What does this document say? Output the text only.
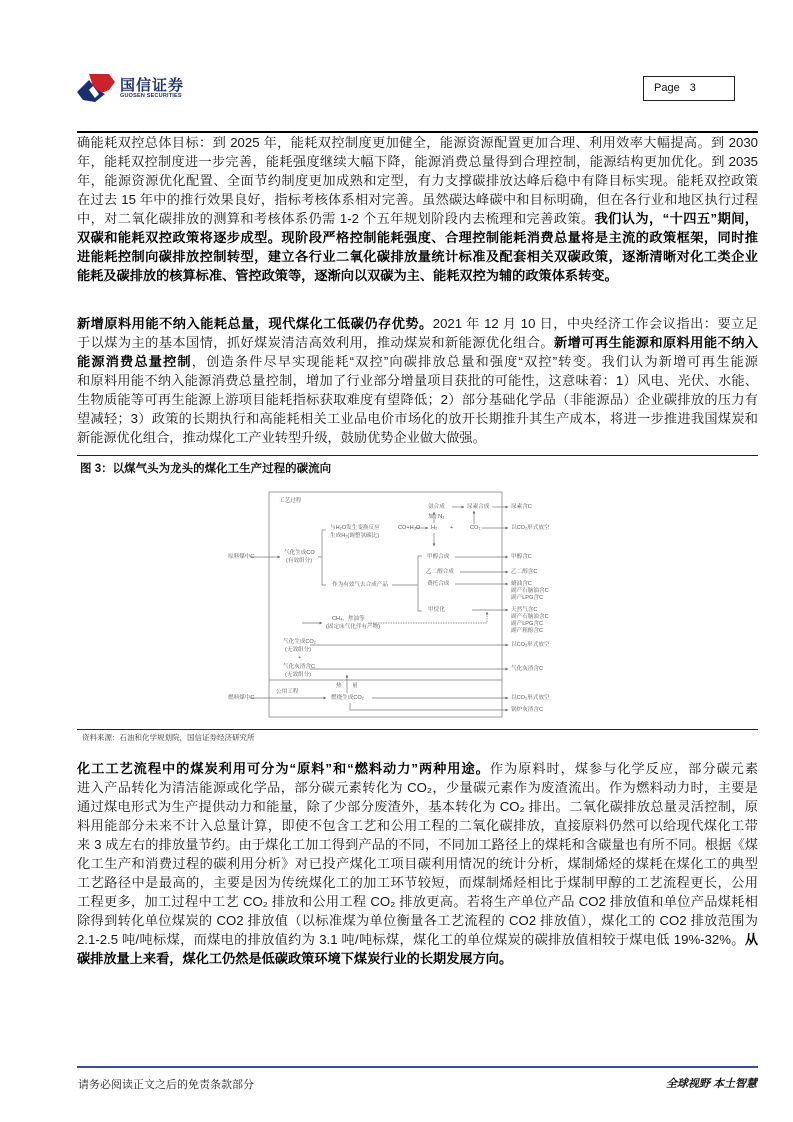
国信证券
GUOSEN SECURITIES
Page 3
确能耗双控总体目标：到 2025 年，能耗双控制度更加健全，能源资源配置更加合理、利用效率大幅提高。到 2030
年，能耗双控制度进一步完善，能耗强度继续大幅下降，能源消费总量得到合理控制，能源结构更加优化。到 2035
年，能源资源优化配置、全面节约制度更加成熟和定型，有力支撑碳排放达峰后稳中有降目标实现。能耗双控政策
在过去 15 年中的推行效果良好，指标考核体系相对完善。虽然碳达峰碳中和目标明确，但在各行业和地区执行过程
中，对二氧化碳排放的测算和考核体系仍需 1-2 个五年规划阶段内去梳理和完善政策。我们认为，“十四五”期间，
双碳和能耗双控政策将逐步成型。现阶段严格控制能耗强度、合理控制能耗消费总量将是主流的政策框架，同时推
进能耗控制向碳排放控制转型，建立各行业二氧化碳排放量统计标准及配套相关双碳政策，逐渐清晰对化工类企业
能耗及碳排放的核算标准、管控政策等，逐渐向以双碳为主、能耗双控为辅的政策体系转变。
新增原料用能不纳入能耗总量，现代煤化工低碳仍存优势。2021 年 12 月 10 日，中央经济工作会议指出：要立足
于以煤为主的基本国情，抓好煤炭清洁高效利用，推动煤炭和新能源优化组合。新增可再生能源和原料用能不纳入
能源消费总量控制，创造条件尽早实现能耗“双控”向碳排放总量和强度“双控”转变。我们认为新增可再生能源
和原料用能不纳入能源消费总量控制，增加了行业部分增量项目获批的可能性，这意味着：1）风电、光伏、水能、
生物质能等可再生能源上游项目能耗指标获取难度有望降低；2）部分基础化学品（非能源品）企业碳排放的压力有
望减轻；3）政策的长期执行和高能耗相关工业品电价市场化的放开长期推升其生产成本，将进一步推进我国煤炭和
新能源优化组合，推动煤化工产业转型升级，鼓励优势企业做大做强。
化工工艺流程中的煤炭利用可分为“原料”和“燃料动力”两种用途。作为原料时，煤参与化学反应，部分碳元素
进入产品转化为清洁能源或化学品，部分碳元素转化为 CO₂，少量碳元素作为废渣流出。作为燃料动力时，主要是
通过煤电形式为生产提供动力和能量，除了少部分废渣外，基本转化为 CO₂ 排出。二氧化碳排放总量灵活控制，原
料用能部分未来不计入总量计算，即使不包含工艺和公用工程的二氧化碳排放，直接原料仍然可以给现代煤化工带
来 3 成左右的排放量节约。由于煤化工加工得到产品的不同，不同加工路径上的煤耗和含碳量也有所不同。根据《煤
化工生产和消费过程的碳利用分析》对已投产煤化工项目碳利用情况的统计分析，煤制烯烃的煤耗在煤化工的典型
工艺路径中是最高的，主要是因为传统煤化工的加工环节较短，而煤制烯烃相比于煤制甲醇的工艺流程更长，公用
工程更多，加工过程中工艺 CO₂ 排放和公用工程 CO₂ 排放更高。若将生产单位产品 CO2 排放值和单位产品煤耗相
除得到转化单位煤炭的 CO2 排放值（以标准煤为单位衡量各工艺流程的 CO2 排放值），煤化工的 CO2 排放范围为
2.1-2.5 吨/吨标煤，而煤电的排放值约为 3.1 吨/吨标煤，煤化工的单位煤炭的碳排放值相较于煤电低 19%-32%。从
碳排放量上来看，煤化工仍然是低碳政策环境下煤炭行业的长期发展方向。
图 3：以煤气头为龙头的煤化工生产过程的碳流向
工艺过程
原料煤中C
气化生成CO
(有效组分)
与H₂O发生变换反应
生成H₂(调整氢碳比)
作为有效气去合成产品
CO+H₂O H₂ +	CO₂
氨合成
加 | N₂
尿素合成	尿素含C
以CO₂形式放空
甲醇合成
乙二醇合成
费托合成
甲烷化
甲醇含C
乙二醇含C
蜡油含C
副产石脑油含C
副产LPG含C
天然气含C
副产石脑油含C
副产LPG含C
副产粗酚含C
CH₄、焦油等
(固定床气化伴有产物)
气化生成CO₂
(无效组分)
+
气化灰渣含C
(无效组分)
以CO₂形式放空
气化灰渣含C
公用工程
热 量
燃料煤中C	燃烧生成CO₂	以CO₂形式放空
锅炉灰渣含C
资料来源：石油和化学规划院，国信证券经济研究所
请务必阅读正文之后的免责条款部分	全球视野 本土智慧
